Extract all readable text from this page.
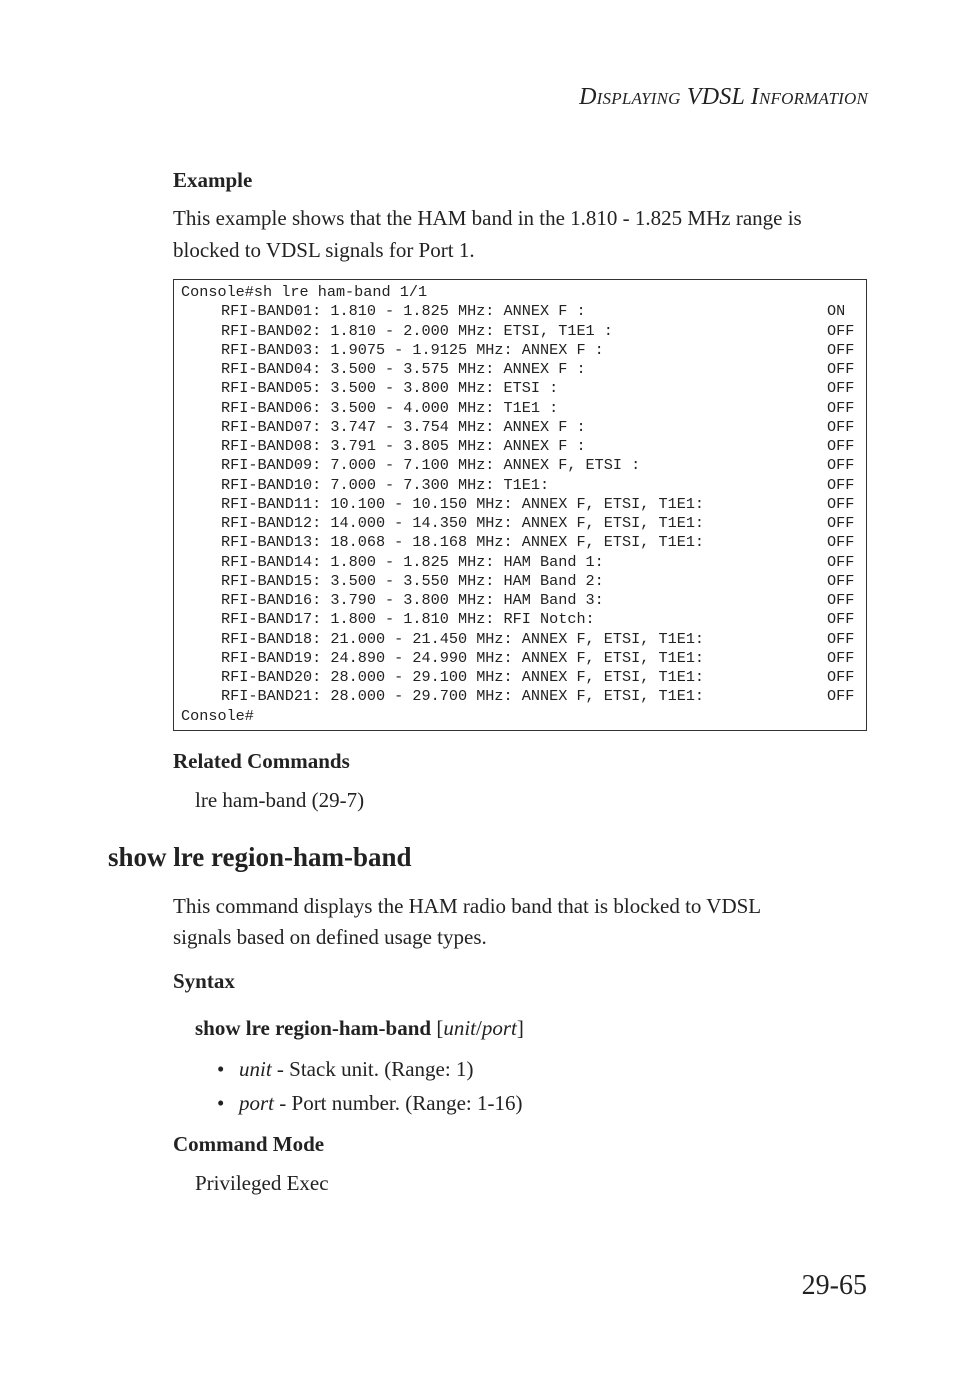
DISPLAYING VDSL INFORMATION
Example
This example shows that the HAM band in the 1.810 - 1.825 MHz range is
blocked to VDSL signals for Port 1.
Console#sh lre ham-band 1/1
RFI-BAND01: 1.810 - 1.825 MHz: ANNEX F :	ON
RFI-BAND02: 1.810 - 2.000 MHz: ETSI, T1E1 :	OFF
RFI-BAND03: 1.9075 - 1.9125 MHz: ANNEX F :	OFF
RFI-BAND04: 3.500 - 3.575 MHz: ANNEX F :	OFF
RFI-BAND05: 3.500 - 3.800 MHz: ETSI :	OFF
RFI-BAND06: 3.500 - 4.000 MHz: T1E1 :	OFF
RFI-BAND07: 3.747 - 3.754 MHz: ANNEX F :	OFF
RFI-BAND08: 3.791 - 3.805 MHz: ANNEX F :	OFF
RFI-BAND09: 7.000 - 7.100 MHz: ANNEX F, ETSI :	OFF
RFI-BAND10: 7.000 - 7.300 MHz: T1E1:	OFF
RFI-BAND11: 10.100 - 10.150 MHz: ANNEX F, ETSI, T1E1:	OFF
RFI-BAND12: 14.000 - 14.350 MHz: ANNEX F, ETSI, T1E1:	OFF
RFI-BAND13: 18.068 - 18.168 MHz: ANNEX F, ETSI, T1E1:	OFF
RFI-BAND14: 1.800 - 1.825 MHz: HAM Band 1:	OFF
RFI-BAND15: 3.500 - 3.550 MHz: HAM Band 2:	OFF
RFI-BAND16: 3.790 - 3.800 MHz: HAM Band 3:	OFF
RFI-BAND17: 1.800 - 1.810 MHz: RFI Notch:	OFF
RFI-BAND18: 21.000 - 21.450 MHz: ANNEX F, ETSI, T1E1:	OFF
RFI-BAND19: 24.890 - 24.990 MHz: ANNEX F, ETSI, T1E1:	OFF
RFI-BAND20: 28.000 - 29.100 MHz: ANNEX F, ETSI, T1E1:	OFF
RFI-BAND21: 28.000 - 29.700 MHz: ANNEX F, ETSI, T1E1:	OFF
Console#
Related Commands
lre ham-band (29-7)
show lre region-ham-band
This command displays the HAM radio band that is blocked to VDSL
signals based on defined usage types.
Syntax
show lre region-ham-band [unit/port]
• unit - Stack unit. (Range: 1)
• port - Port number. (Range: 1-16)
Command Mode
Privileged Exec
29-65
